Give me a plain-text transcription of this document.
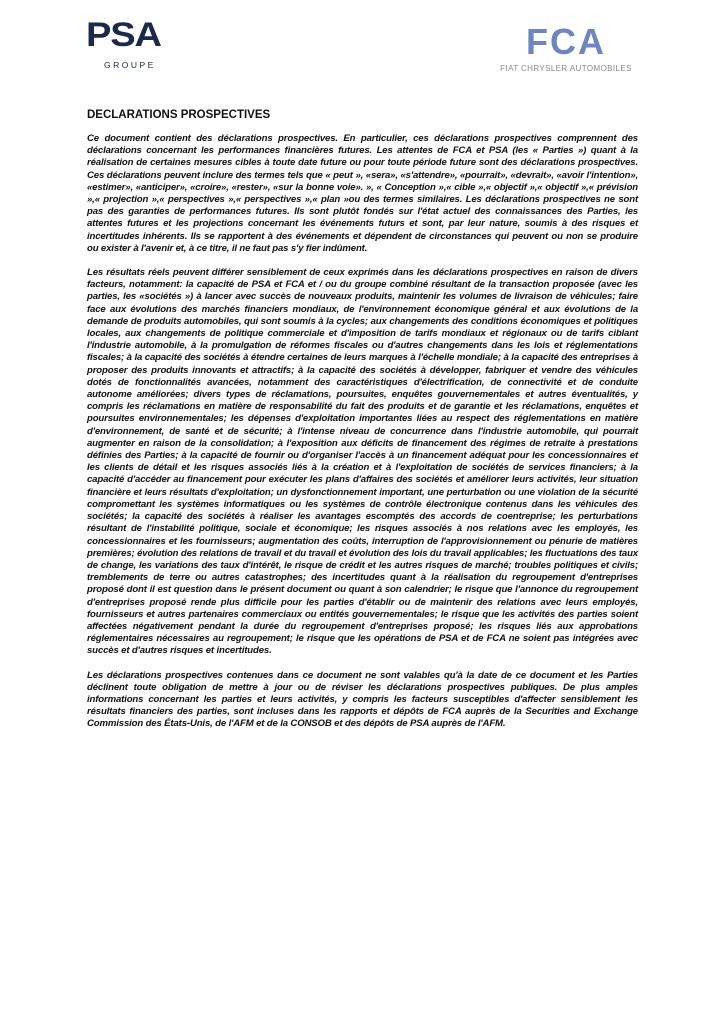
PSA
GROUPE
FCA
FIAT CHRYSLER AUTOMOBILES
DECLARATIONS PROSPECTIVES

Ce document contient des déclarations prospectives. En particulier, ces déclarations prospectives comprennent des déclarations concernant les performances financières futures. Les attentes de FCA et PSA (les « Parties ») quant à la réalisation de certaines mesures cibles à toute date future ou pour toute période future sont des déclarations prospectives. Ces déclarations peuvent inclure des termes tels que « peut », «sera», «s'attendre», «pourrait», «devrait», «avoir l'intention», «estimer», «anticiper», «croire», «rester», «sur la bonne voie». », « Conception »,« cible »,« objectif »,« objectif »,« prévision »,« projection »,« perspectives »,« perspectives »,« plan »ou des termes similaires. Les déclarations prospectives ne sont pas des garanties de performances futures. Ils sont plutôt fondés sur l'état actuel des connaissances des Parties, les attentes futures et les projections concernant les événements futurs et sont, par leur nature, soumis à des risques et incertitudes inhérents. Ils se rapportent à des événements et dépendent de circonstances qui peuvent ou non se produire ou exister à l'avenir et, à ce titre, il ne faut pas s'y fier indûment.

Les résultats réels peuvent différer sensiblement de ceux exprimés dans les déclarations prospectives en raison de divers facteurs, notamment: la capacité de PSA et FCA et / ou du groupe combiné résultant de la transaction proposée (avec les parties, les «sociétés ») à lancer avec succès de nouveaux produits, maintenir les volumes de livraison de véhicules; faire face aux évolutions des marchés financiers mondiaux, de l'environnement économique général et aux évolutions de la demande de produits automobiles, qui sont soumis à la cycles; aux changements des conditions économiques et politiques locales, aux changements de politique commerciale et d'imposition de tarifs mondiaux et régionaux ou de tarifs ciblant l'industrie automobile, à la promulgation de réformes fiscales ou d'autres changements dans les lois et réglementations fiscales; à la capacité des sociétés à étendre certaines de leurs marques à l'échelle mondiale; à la capacité des entreprises à proposer des produits innovants et attractifs; à la capacité des sociétés à développer, fabriquer et vendre des véhicules dotés de fonctionnalités avancées, notamment des caractéristiques d'électrification, de connectivité et de conduite autonome améliorées; divers types de réclamations, poursuites, enquêtes gouvernementales et autres éventualités, y compris les réclamations en matière de responsabilité du fait des produits et de garantie et les réclamations, enquêtes et poursuites environnementales; les dépenses d'exploitation importantes liées au respect des réglementations en matière d'environnement, de santé et de sécurité; à l'intense niveau de concurrence dans l'industrie automobile, qui pourrait augmenter en raison de la consolidation; à l'exposition aux déficits de financement des régimes de retraite à prestations définies des Parties; à la capacité de fournir ou d'organiser l'accès à un financement adéquat pour les concessionnaires et les clients de détail et les risques associés liés à la création et à l'exploitation de sociétés de services financiers; à la capacité d'accéder au financement pour exécuter les plans d'affaires des sociétés et améliorer leurs activités, leur situation financière et leurs résultats d'exploitation; un dysfonctionnement important, une perturbation ou une violation de la sécurité compromettant les systèmes informatiques ou les systèmes de contrôle électronique contenus dans les véhicules des sociétés; la capacité des sociétés à réaliser les avantages escomptés des accords de coentreprise; les perturbations résultant de l'instabilité politique, sociale et économique; les risques associés à nos relations avec les employés, les concessionnaires et les fournisseurs; augmentation des coûts, interruption de l'approvisionnement ou pénurie de matières premières; évolution des relations de travail et du travail et évolution des lois du travail applicables; les fluctuations des taux de change, les variations des taux d'intérêt, le risque de crédit et les autres risques de marché; troubles politiques et civils; tremblements de terre ou autres catastrophes; des incertitudes quant à la réalisation du regroupement d'entreprises proposé dont il est question dans le présent document ou quant à son calendrier; le risque que l'annonce du regroupement d'entreprises proposé rende plus difficile pour les parties d'établir ou de maintenir des relations avec leurs employés, fournisseurs et autres partenaires commerciaux ou entités gouvernementales; le risque que les activités des parties soient affectées négativement pendant la durée du regroupement d'entreprises proposé; les risques liés aux approbations réglementaires nécessaires au regroupement; le risque que les opérations de PSA et de FCA ne soient pas intégrées avec succès et d'autres risques et incertitudes.

Les déclarations prospectives contenues dans ce document ne sont valables qu'à la date de ce document et les Parties déclinent toute obligation de mettre à jour ou de réviser les déclarations prospectives publiques. De plus amples informations concernant les parties et leurs activités, y compris les facteurs susceptibles d'affecter sensiblement les résultats financiers des parties, sont incluses dans les rapports et dépôts de FCA auprès de la Securities and Exchange Commission des États-Unis, de l'AFM et de la CONSOB et des dépôts de PSA auprès de l'AFM.
